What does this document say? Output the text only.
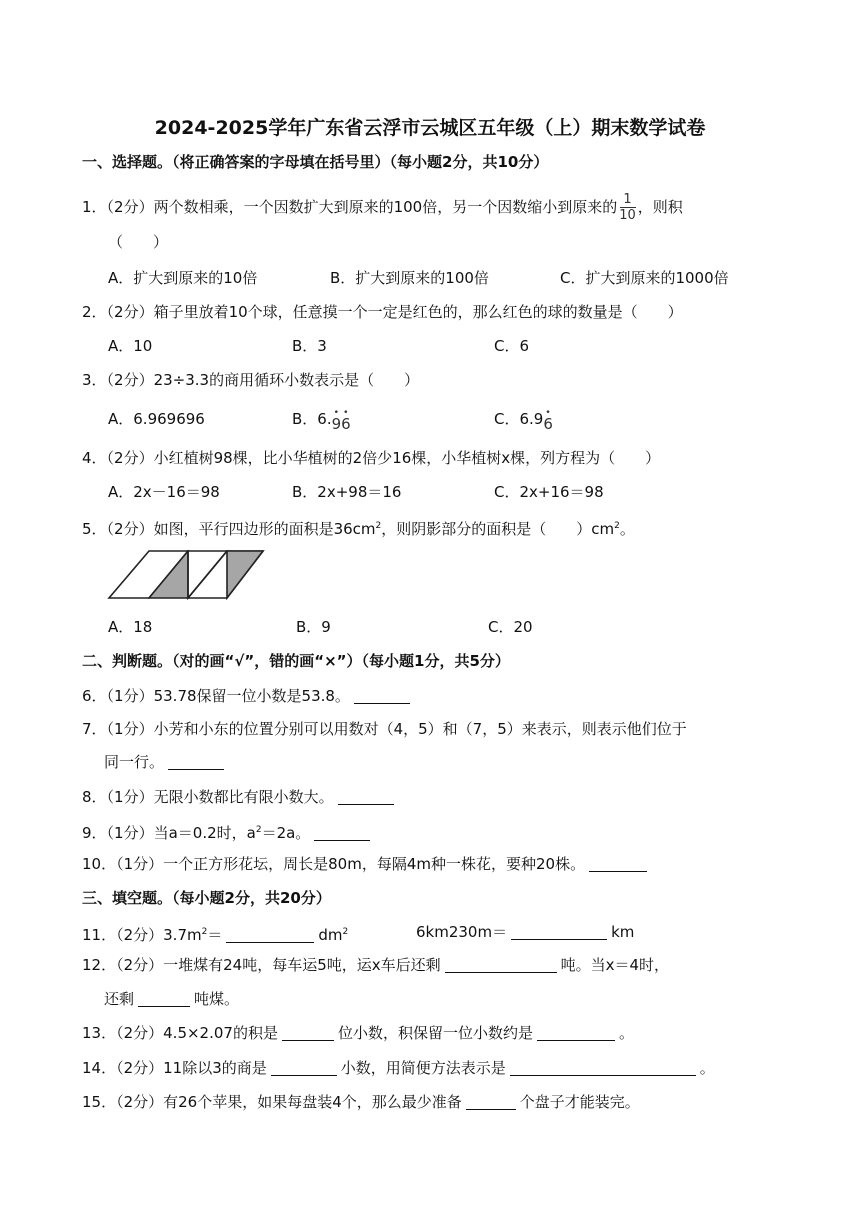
2024-2025学年广东省云浮市云城区五年级（上）期末数学试卷
一、选择题。（将正确答案的字母填在括号里）（每小题2分，共10分）
1．（2分）两个数相乘，一个因数扩大到原来的100倍，另一个因数缩小到原来的 $\frac{1}{10}$ ，则积
（　　）
A．扩大到原来的10倍	B．扩大到原来的100倍	C．扩大到原来的1000倍
2．（2分）箱子里放着10个球，任意摸一个一定是红色的，那么红色的球的数量是（　　）
A．10	B．3	C．6
3．（2分）23÷3.3的商用循环小数表示是（　　）
A．6.969696	B．6.• 9• 6	C．6.9• 6
4．（2分）小红植树98棵，比小华植树的2倍少16棵，小华植树x棵，列方程为（　　）
A．2x－16＝98	B．2x+98＝16	C．2x+16＝98
5．（2分）如图，平行四边形的面积是$36cm^2$，则阴影部分的面积是（　　）$cm^2$。
A．18	B．9	C．20
二、判断题。（对的画“√”，错的画“×”）（每小题1分，共5分）
6．（1分）53.78保留一位小数是53.8。
7．（1分）小芳和小东的位置分别可以用数对（4，5）和（7，5）来表示，则表示他们位于
同一行。
8．（1分）无限小数都比有限小数大。
9．（1分）当a＝0.2时，$a^2=2a$。
10．（1分）一个正方形花坛，周长是80m，每隔4m种一株花，要种20株。
三、填空题。（每小题2分，共20分）
11．（2分）$3.7m^2=$	$dm^2$	6km230m＝	km
12．（2分）一堆煤有24吨，每车运5吨，运x车后还剩	吨。当x＝4时，
还剩	吨煤。
13．（2分）4.5×2.07的积是	位小数，积保留一位小数约是	。
14．（2分）11除以3的商是	小数，用简便方法表示是	。
15．（2分）有26个苹果，如果每盘装4个，那么最少准备	个盘子才能装完。
